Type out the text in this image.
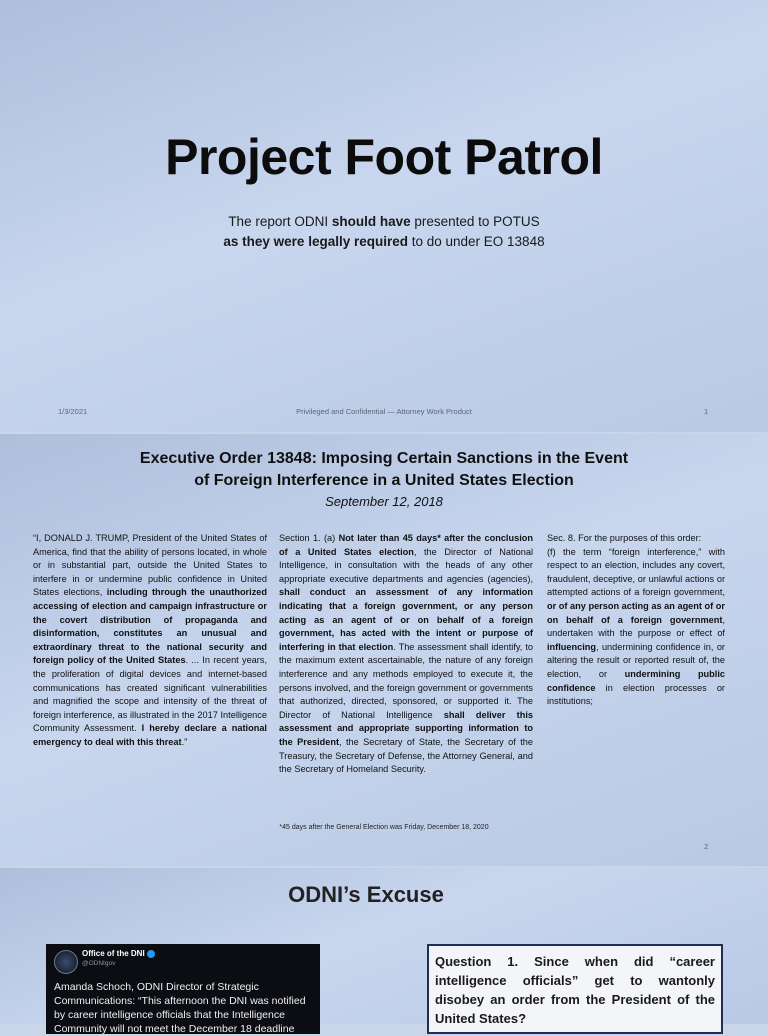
Project Foot Patrol
The report ODNI should have presented to POTUS
as they were legally required to do under EO 13848
1/3/2021	Privileged and Confidential — Attorney Work Product	1
Executive Order 13848: Imposing Certain Sanctions in the Event
of Foreign Interference in a United States Election
September 12, 2018
“I, DONALD J. TRUMP, President of the United States of America, find that the ability of persons located, in whole or in substantial part, outside the United States to interfere in or undermine public confidence in United States elections, including through the unauthorized accessing of election and campaign infrastructure or the covert distribution of propaganda and disinformation, constitutes an unusual and extraordinary threat to the national security and foreign policy of the United States. ... In recent years, the proliferation of digital devices and internet-based communications has created significant vulnerabilities and magnified the scope and intensity of the threat of foreign interference, as illustrated in the 2017 Intelligence Community Assessment. I hereby declare a national emergency to deal with this threat.”
Section 1. (a) Not later than 45 days* after the conclusion of a United States election, the Director of National Intelligence, in consultation with the heads of any other appropriate executive departments and agencies (agencies), shall conduct an assessment of any information indicating that a foreign government, or any person acting as an agent of or on behalf of a foreign government, has acted with the intent or purpose of interfering in that election. The assessment shall identify, to the maximum extent ascertainable, the nature of any foreign interference and any methods employed to execute it, the persons involved, and the foreign government or governments that authorized, directed, sponsored, or supported it. The Director of National Intelligence shall deliver this assessment and appropriate supporting information to the President, the Secretary of State, the Secretary of the Treasury, the Secretary of Defense, the Attorney General, and the Secretary of Homeland Security.
Sec. 8. For the purposes of this order:
(f) the term “foreign interference,” with respect to an election, includes any covert, fraudulent, deceptive, or unlawful actions or attempted actions of a foreign government, or of any person acting as an agent of or on behalf of a foreign government, undertaken with the purpose or effect of influencing, undermining confidence in, or altering the result or reported result of, the election, or undermining public confidence in election processes or institutions;
*45 days after the General Election was Friday, December 18, 2020
2
ODNI’s Excuse
Office of the DNI
@ODNIgov
Amanda Schoch, ODNI Director of Strategic Communications: “This afternoon the DNI was notified by career intelligence officials that the Intelligence Community will not meet the December 18 deadline
Question 1. Since when did “career intelligence officials” get to wantonly disobey an order from the President of the United States?
